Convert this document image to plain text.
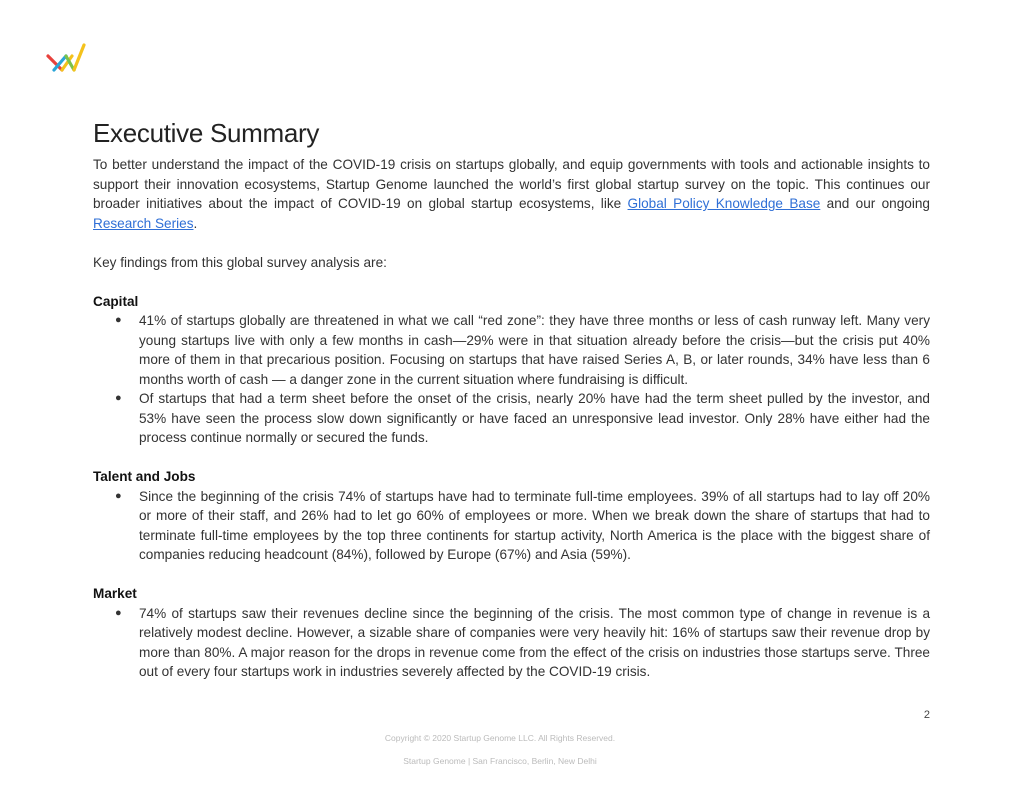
Executive Summary

To better understand the impact of the COVID-19 crisis on startups globally, and equip governments with tools and actionable insights to support their innovation ecosystems, Startup Genome launched the world’s first global startup survey on the topic. This continues our broader initiatives about the impact of COVID-19 on global startup ecosystems, like Global Policy Knowledge Base and our ongoing Research Series.

Key findings from this global survey analysis are:

Capital
● 41% of startups globally are threatened in what we call “red zone”: they have three months or less of cash runway left. Many very young startups live with only a few months in cash—29% were in that situation already before the crisis—but the crisis put 40% more of them in that precarious position. Focusing on startups that have raised Series A, B, or later rounds, 34% have less than 6 months worth of cash — a danger zone in the current situation where fundraising is difficult.
● Of startups that had a term sheet before the onset of the crisis, nearly 20% have had the term sheet pulled by the investor, and 53% have seen the process slow down significantly or have faced an unresponsive lead investor. Only 28% have either had the process continue normally or secured the funds.
Talent and Jobs
● Since the beginning of the crisis 74% of startups have had to terminate full-time employees. 39% of all startups had to lay off 20% or more of their staff, and 26% had to let go 60% of employees or more. When we break down the share of startups that had to terminate full-time employees by the top three continents for startup activity, North America is the place with the biggest share of companies reducing headcount (84%), followed by Europe (67%) and Asia (59%).
Market
● 74% of startups saw their revenues decline since the beginning of the crisis. The most common type of change in revenue is a relatively modest decline. However, a sizable share of companies were very heavily hit: 16% of startups saw their revenue drop by more than 80%. A major reason for the drops in revenue come from the effect of the crisis on industries those startups serve. Three out of every four startups work in industries severely affected by the COVID-19 crisis.
2
Copyright © 2020 Startup Genome LLC. All Rights Reserved.
Startup Genome | San Francisco, Berlin, New Delhi
